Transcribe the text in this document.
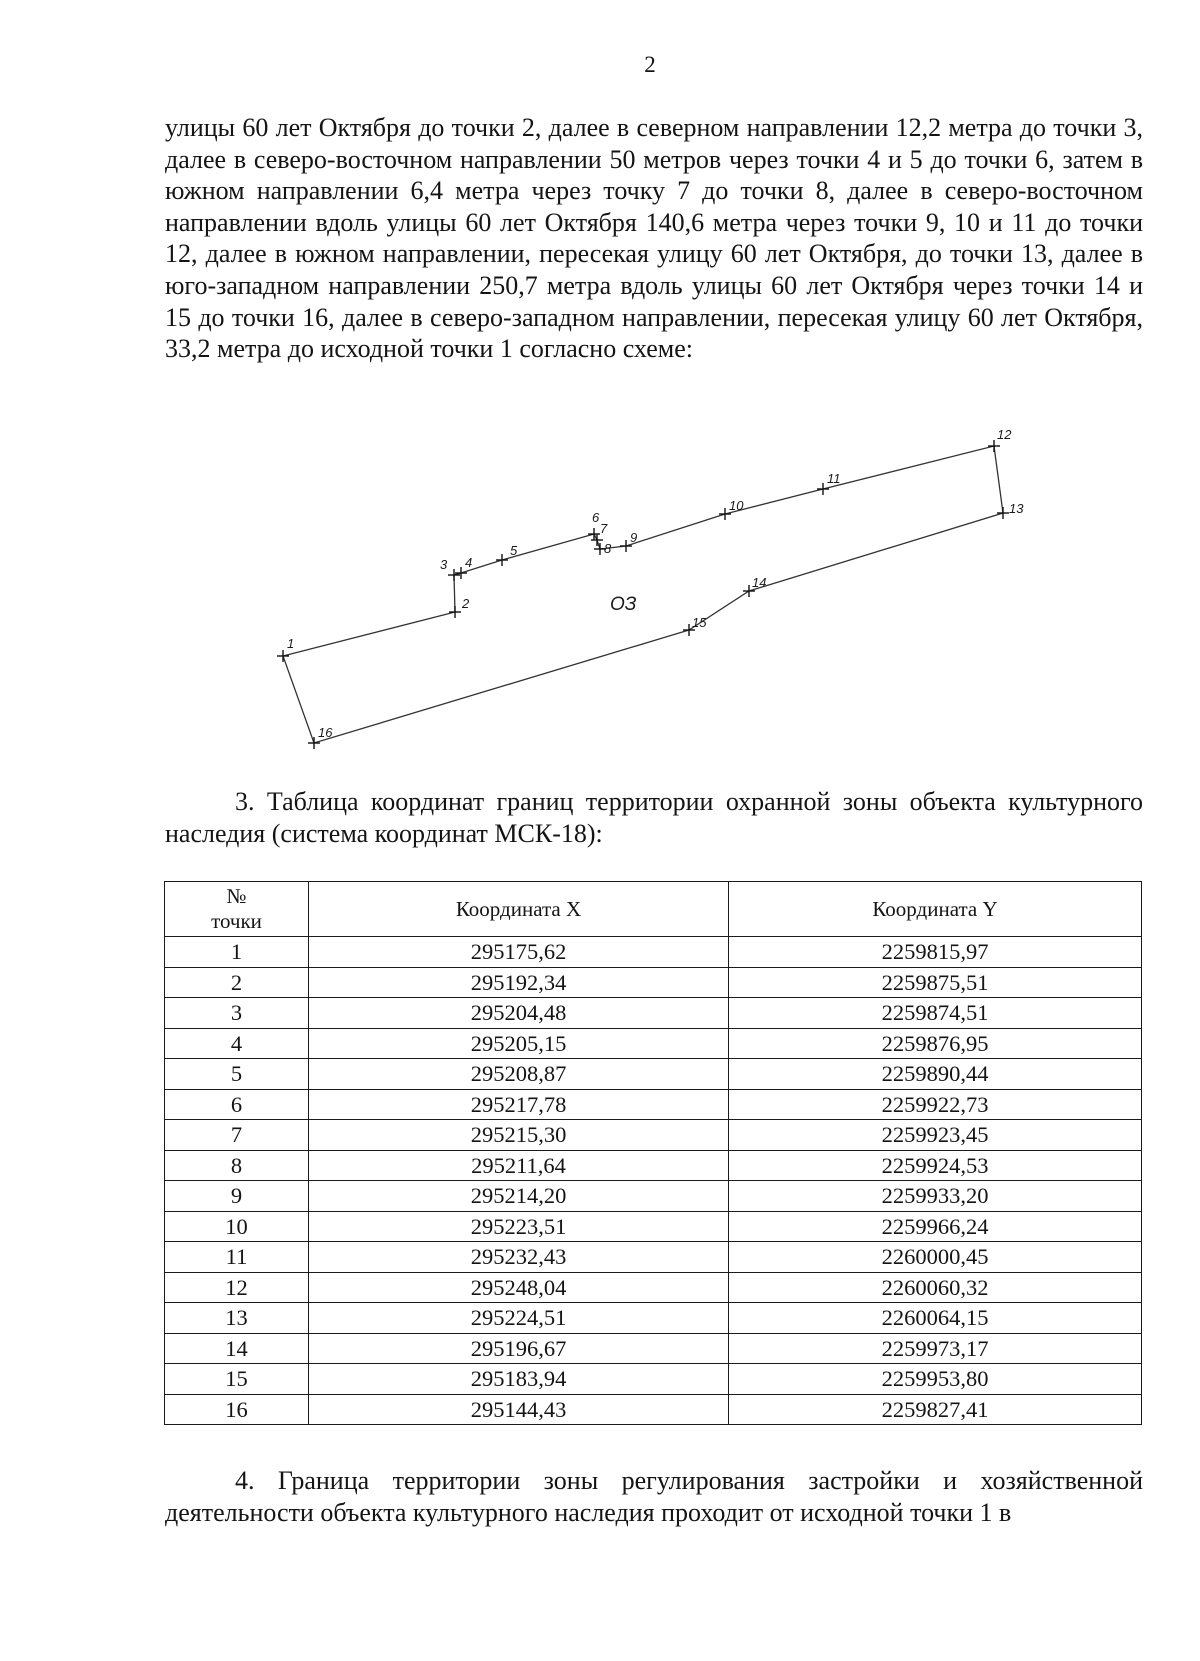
2

улицы 60 лет Октября до точки 2, далее в северном направлении 12,2 метра до точки 3, далее в северо-восточном направлении 50 метров через точки 4 и 5 до точки 6, затем в южном направлении 6,4 метра через точку 7 до точки 8, далее в северо-восточном направлении вдоль улицы 60 лет Октября 140,6 метра через точки 9, 10 и 11 до точки 12, далее в южном направлении, пересекая улицу 60 лет Октября, до точки 13, далее в юго-западном направлении 250,7 метра вдоль улицы 60 лет Октября через точки 14 и 15 до точки 16, далее в северо-западном направлении, пересекая улицу 60 лет Октября, 33,2 метра до исходной точки 1 согласно схеме:

1
2
3 4
5
6
7
8
9
10
11
12
13
14
15
16
ОЗ

3. Таблица координат границ территории охранной зоны объекта культурного наследия (система координат МСК-18):

№ точки	Координата X	Координата Y
1	295175,62	2259815,97
2	295192,34	2259875,51
3	295204,48	2259874,51
4	295205,15	2259876,95
5	295208,87	2259890,44
6	295217,78	2259922,73
7	295215,30	2259923,45
8	295211,64	2259924,53
9	295214,20	2259933,20
10	295223,51	2259966,24
11	295232,43	2260000,45
12	295248,04	2260060,32
13	295224,51	2260064,15
14	295196,67	2259973,17
15	295183,94	2259953,80
16	295144,43	2259827,41

4. Граница территории зоны регулирования застройки и хозяйственной деятельности объекта культурного наследия проходит от исходной точки 1 в
